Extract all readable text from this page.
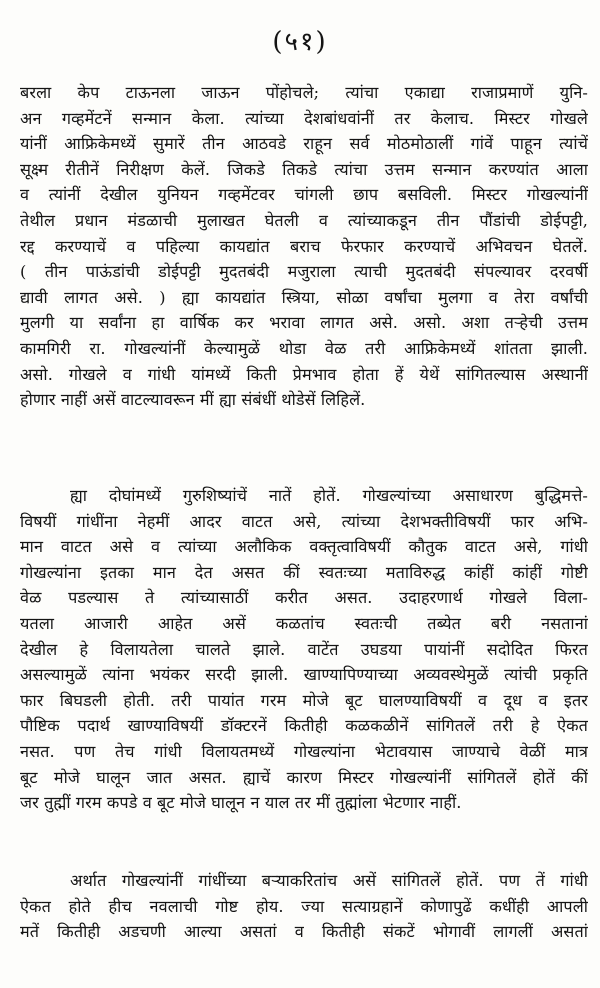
(५१)
बरला केप टाऊनला जाऊन पोंहोचले; त्यांचा एकाद्या राजाप्रमाणें युनि-
अन गव्हमेंटनें सन्मान केला. त्यांच्या देशबांधवांनीं तर केलाच. मिस्टर गोखले
यांनीं आफ्रिकेमध्यें सुमारें तीन आठवडे राहून सर्व मोठमोठालीं गांवें पाहून त्यांचें
सूक्ष्म रीतीनें निरीक्षण केलें. जिकडे तिकडे त्यांचा उत्तम सन्मान करण्यांत आला
व त्यांनीं देखील युनियन गव्हमेंटवर चांगली छाप बसविली. मिस्टर गोखल्यांनीं
तेथील प्रधान मंडळाची मुलाखत घेतली व त्यांच्याकडून तीन पौंडांची डोईपट्टी,
रद्द करण्याचें व पहिल्या कायद्यांत बराच फेरफार करण्याचें अभिवचन घेतलें.
( तीन पाऊंडांची डोईपट्टी मुदतबंदी मजुराला त्याची मुदतबंदी संपल्यावर दरवर्षी
द्यावी लागत असे. ) ह्या कायद्यांत स्त्रिया, सोळा वर्षांचा मुलगा व तेरा वर्षांची
मुलगी या सर्वांना हा वार्षिक कर भरावा लागत असे. असो. अशा तऱ्हेची उत्तम
कामगिरी रा. गोखल्यांनीं केल्यामुळें थोडा वेळ तरी आफ्रिकेमध्यें शांतता झाली.
असो. गोखले व गांधी यांमध्यें किती प्रेमभाव होता हें येथें सांगितल्यास अस्थानीं
होणार नाहीं असें वाटल्यावरून मीं ह्या संबंधीं थोडेसें लिहिलें.
ह्या दोघांमध्यें गुरुशिष्यांचें नातें होतें. गोखल्यांच्या असाधारण बुद्धिमत्ते-
विषयीं गांधींना नेहमीं आदर वाटत असे, त्यांच्या देशभक्तीविषयीं फार अभि-
मान वाटत असे व त्यांच्या अलौकिक वक्तृत्वाविषयीं कौतुक वाटत असे, गांधी
गोखल्यांना इतका मान देत असत कीं स्वतःच्या मताविरुद्ध कांहीं कांहीं गोष्टी
वेळ पडल्यास ते त्यांच्यासाठीं करीत असत. उदाहरणार्थ गोखले विला-
यतला आजारी आहेत असें कळतांच स्वतःची तब्येत बरी नसतानां
देखील हे विलायतेला चालते झाले. वाटेंत उघडया पायांनीं सदोदित फिरत
असल्यामुळें त्यांना भयंकर सरदी झाली. खाण्यापिण्याच्या अव्यवस्थेमुळें त्यांची प्रकृति
फार बिघडली होती. तरी पायांत गरम मोजे बूट घालण्याविषयीं व दूध व इतर
पौष्टिक पदार्थ खाण्याविषयीं डॉक्टरनें कितीही कळकळीनें सांगितलें तरी हे ऐकत
नसत. पण तेच गांधी विलायतमध्यें गोखल्यांना भेटावयास जाण्याचे वेळीं मात्र
बूट मोजे घालून जात असत. ह्याचें कारण मिस्टर गोखल्यांनीं सांगितलें होतें कीं
जर तुह्मीं गरम कपडे व बूट मोजे घालून न याल तर मीं तुह्मांला भेटणार नाहीं.
अर्थात गोखल्यांनीं गांधींच्या बऱ्याकरितांच असें सांगितलें होतें. पण तें गांधी
ऐकत होते हीच नवलाची गोष्ट होय. ज्या सत्याग्रहानें कोणापुढें कधींही आपली
मतें कितीही अडचणी आल्या असतां व कितीही संकटें भोगावीं लागलीं असतां
